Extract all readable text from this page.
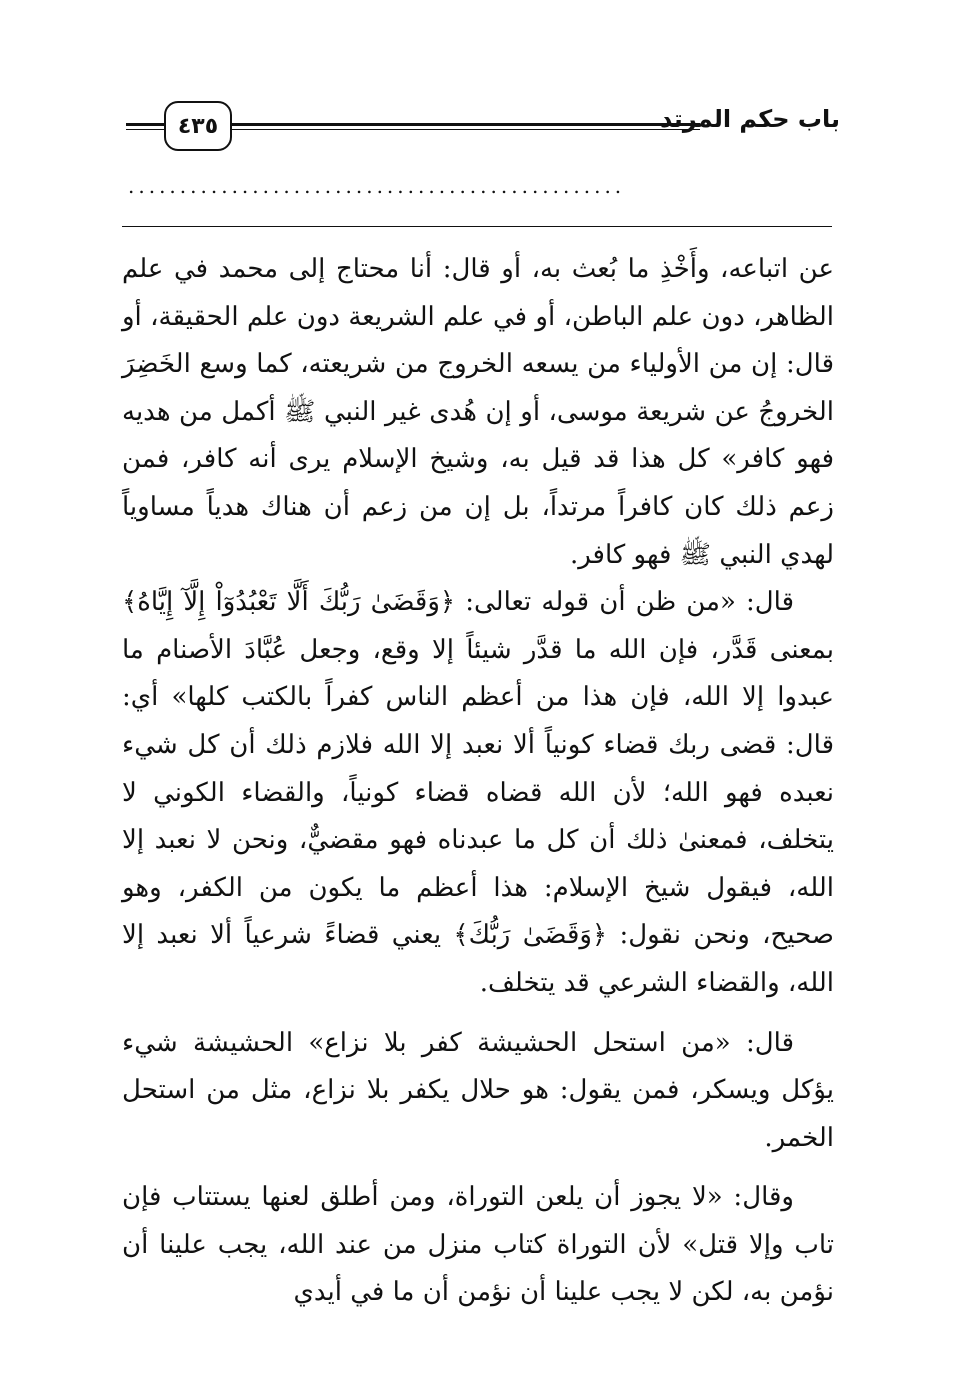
٤٣٥	باب حكم المرتد
................................................

عن اتباعه، وأَخْذِ ما بُعث به، أو قال: أنا محتاج إلى محمد في علم الظاهر، دون علم الباطن، أو في علم الشريعة دون علم الحقيقة، أو قال: إن من الأولياء من يسعه الخروج من شريعته، كما وسع الخَضِرَ الخروجُ عن شريعة موسى، أو إن هُدى غير النبي ﷺ أكمل من هديه فهو كافر» كل هذا قد قيل به، وشيخ الإسلام يرى أنه كافر، فمن زعم ذلك كان كافراً مرتداً، بل إن من زعم أن هناك هدياً مساوياً لهدي النبي ﷺ فهو كافر.

قال: «من ظن أن قوله تعالى: ﴿وَقَضَىٰ رَبُّكَ أَلَّا تَعْبُدُوٓاْ إِلَّآ إِيَّاهُ﴾ بمعنى قَدَّر، فإن الله ما قدَّر شيئاً إلا وقع، وجعل عُبَّادَ الأصنام ما عبدوا إلا الله، فإن هذا من أعظم الناس كفراً بالكتب كلها» أي: قال: قضى ربك قضاء كونياً ألا نعبد إلا الله فلازم ذلك أن كل شيء نعبده فهو الله؛ لأن الله قضاه قضاء كونياً، والقضاء الكوني لا يتخلف، فمعنىٰ ذلك أن كل ما عبدناه فهو مقضيٌّ، ونحن لا نعبد إلا الله، فيقول شيخ الإسلام: هذا أعظم ما يكون من الكفر، وهو صحيح، ونحن نقول: ﴿وَقَضَىٰ رَبُّكَ﴾ يعني قضاءً شرعياً ألا نعبد إلا الله، والقضاء الشرعي قد يتخلف.

قال: «من استحل الحشيشة كفر بلا نزاع» الحشيشة شيء يؤكل ويسكر، فمن يقول: هو حلال يكفر بلا نزاع، مثل من استحل الخمر.

وقال: «لا يجوز أن يلعن التوراة، ومن أطلق لعنها يستتاب فإن تاب وإلا قتل» لأن التوراة كتاب منزل من عند الله، يجب علينا أن نؤمن به، لكن لا يجب علينا أن نؤمن أن ما في أيدي
